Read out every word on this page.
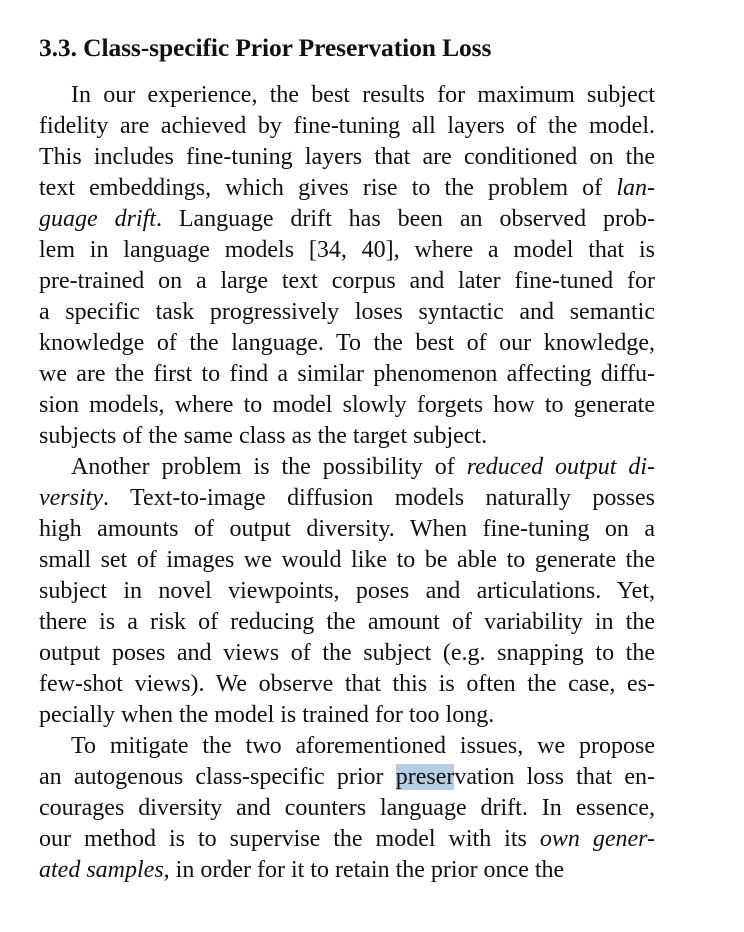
3.3. Class-specific Prior Preservation Loss

In our experience, the best results for maximum subject
fidelity are achieved by fine-tuning all layers of the model.
This includes fine-tuning layers that are conditioned on the
text embeddings, which gives rise to the problem of lan-
guage drift. Language drift has been an observed prob-
lem in language models [34, 40], where a model that is
pre-trained on a large text corpus and later fine-tuned for
a specific task progressively loses syntactic and semantic
knowledge of the language. To the best of our knowledge,
we are the first to find a similar phenomenon affecting diffu-
sion models, where to model slowly forgets how to generate
subjects of the same class as the target subject.

Another problem is the possibility of reduced output di-
versity. Text-to-image diffusion models naturally posses
high amounts of output diversity. When fine-tuning on a
small set of images we would like to be able to generate the
subject in novel viewpoints, poses and articulations. Yet,
there is a risk of reducing the amount of variability in the
output poses and views of the subject (e.g. snapping to the
few-shot views). We observe that this is often the case, es-
pecially when the model is trained for too long.

To mitigate the two aforementioned issues, we propose
an autogenous class-specific prior preservation loss that en-
courages diversity and counters language drift. In essence,
our method is to supervise the model with its own gener-
ated samples, in order for it to retain the prior once the
